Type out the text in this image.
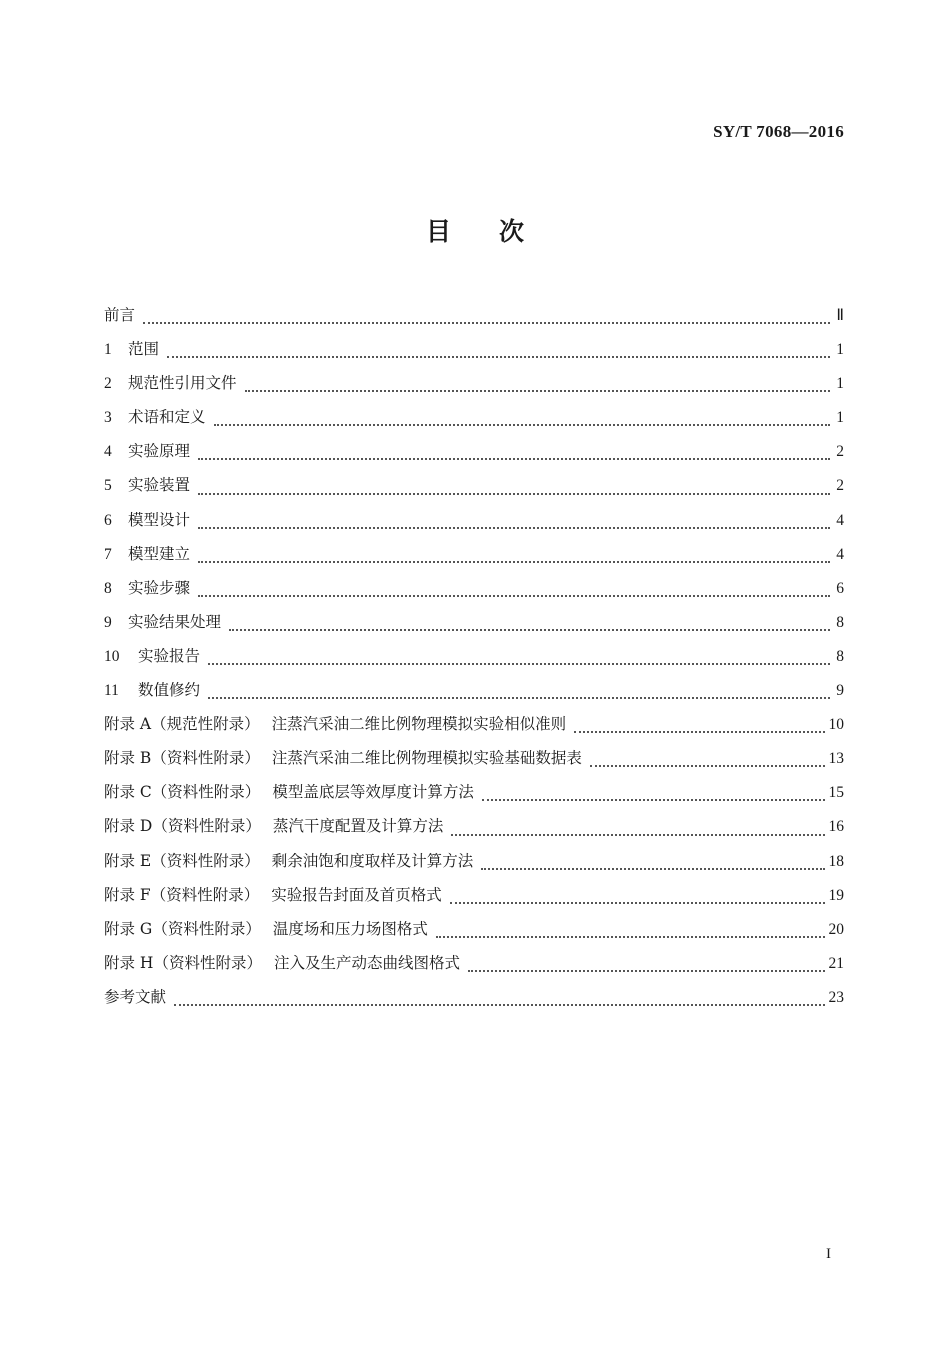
SY/T 7068—2016
目 次
前言	Ⅱ
1	范围	1
2	规范性引用文件	1
3	术语和定义	1
4	实验原理	2
5	实验装置	2
6	模型设计	4
7	模型建立	4
8	实验步骤	6
9	实验结果处理	8
10	实验报告	8
11	数值修约	9
附录 A （规范性附录） 注蒸汽采油二维比例物理模拟实验相似准则	10
附录 B （资料性附录） 注蒸汽采油二维比例物理模拟实验基础数据表	13
附录 C （资料性附录） 模型盖底层等效厚度计算方法	15
附录 D （资料性附录） 蒸汽干度配置及计算方法	16
附录 E （资料性附录） 剩余油饱和度取样及计算方法	18
附录 F （资料性附录） 实验报告封面及首页格式	19
附录 G （资料性附录） 温度场和压力场图格式	20
附录 H （资料性附录） 注入及生产动态曲线图格式	21
参考文献	23
I
